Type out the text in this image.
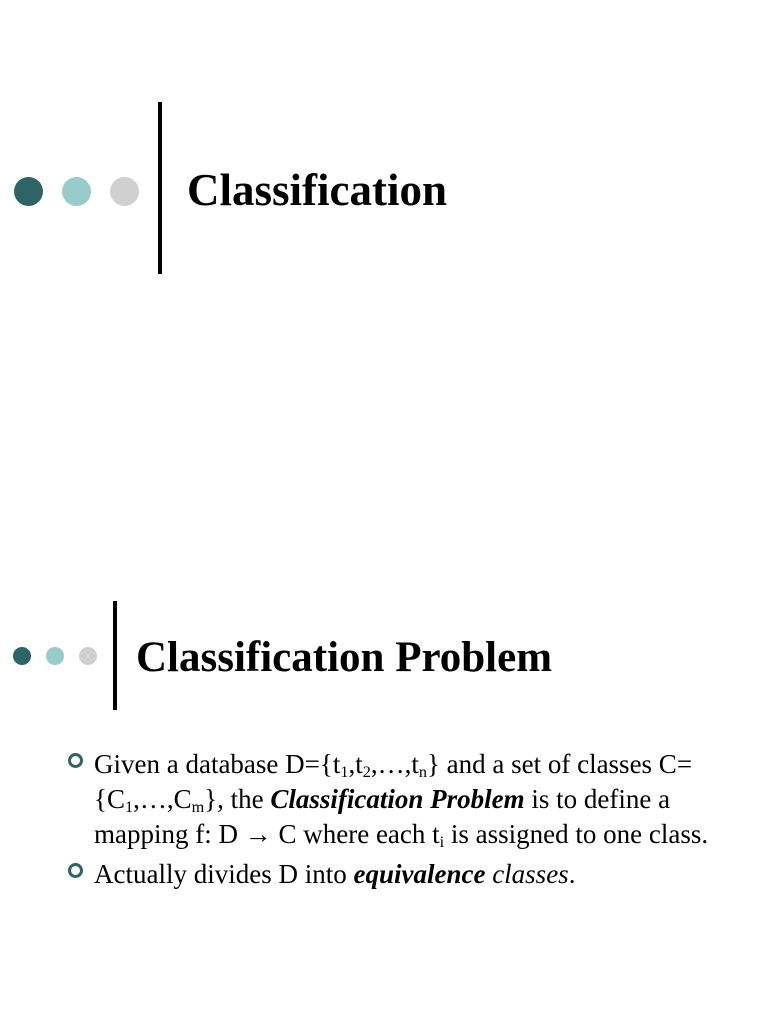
Classification
Classification Problem
Given a database $D=\{t_1,t_2,\dots,t_n\}$ and a set of classes $C=\{C_1,\dots,C_m\}$, the Classification Problem is to define a mapping f: D → C where each $t_i$ is assigned to one class.
Actually divides D into equivalence classes.
